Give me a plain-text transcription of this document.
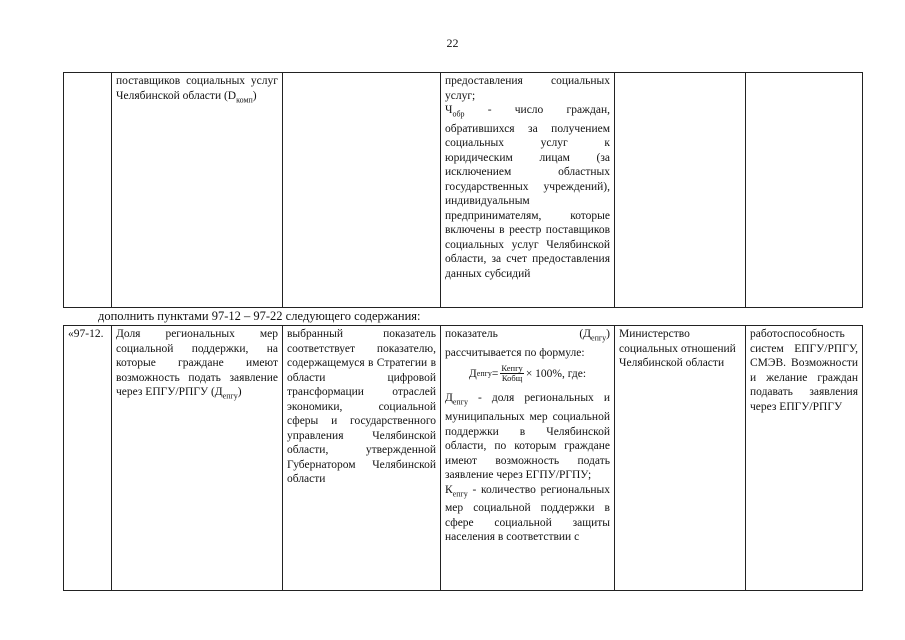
22
	поставщиков социальных услуг Челябинской области $(D_{комп})$		предоставления социальных услуг;
$Ч_{обр}$ - число граждан, обратившихся за получением социальных услуг к юридическим лицам (за исключением областных государственных учреждений), индивидуальным предпринимателям, которые включены в реестр поставщиков социальных услуг Челябинской области, за счет предоставления данных субсидий		
дополнить пунктами 97-12 – 97-22 следующего содержания:
«97-12.	Доля региональных мер социальной поддержки, на которые граждане имеют возможность подать заявление через ЕПГУ/РПГУ $(Д_{епгу})$	выбранный показатель соответствует показателю, содержащемуся в Стратегии в области цифровой трансформации отраслей экономики, социальной сферы и государственного управления Челябинской области, утвержденной Губернатором Челябинской области	показатель $(Д_{епгу})$ рассчитывается по формуле:
Д епгу = $\frac{\text{Кепгу}}{\text{Кобщ}} \times 100\%$, где:
$Д_{епгу}$ - доля региональных и муниципальных мер социальной поддержки в Челябинской области, по которым граждане имеют возможность подать заявление через ЕГПУ/РГПУ;
$К_{епгу}$ - количество региональных мер социальной поддержки в сфере социальной защиты населения в соответствии с	Министерство социальных отношений Челябинской области	работоспособность систем ЕПГУ/РПГУ, СМЭВ. Возможности и желание граждан подавать заявления через ЕПГУ/РПГУ
